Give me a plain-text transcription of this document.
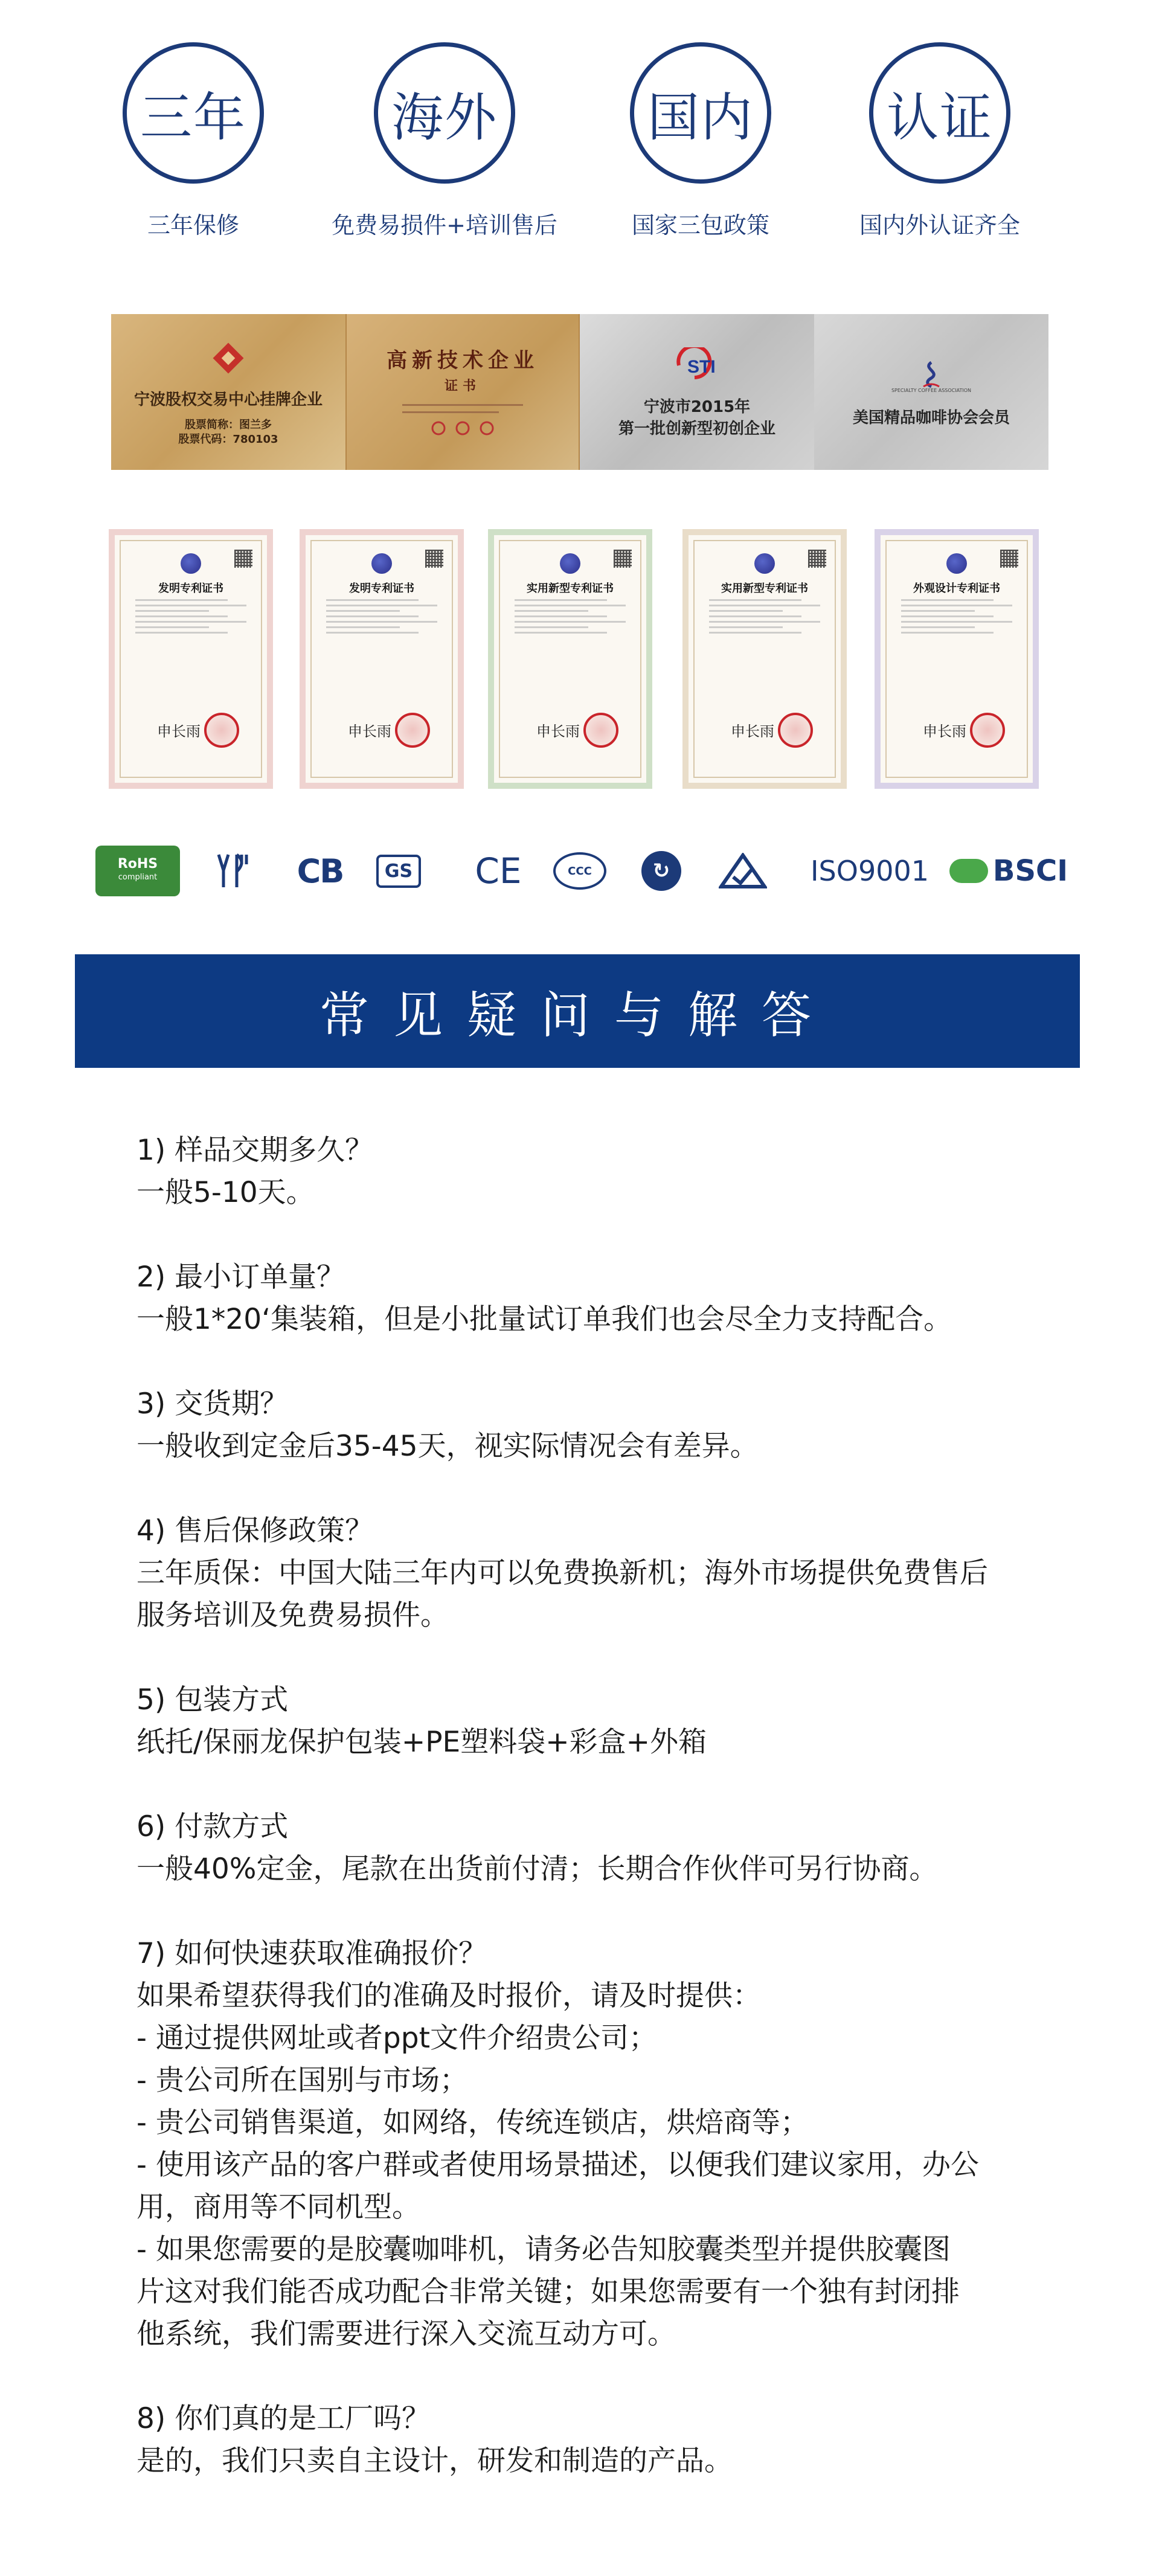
三年
三年保修
海外
免费易损件+培训售后
国内
国家三包政策
认证
国内外认证齐全
宁波股权交易中心挂牌企业
股票简称：图兰多
股票代码：780103
高新技术企业
证书
STI
宁波市2015年
第一批创新型初创企业
SPECIALTY COFFEE ASSOCIATION
美国精品咖啡协会会员
发明专利证书
申长雨
发明专利证书
申长雨
实用新型专利证书
申长雨
实用新型专利证书
申长雨
外观设计专利证书
申长雨
RoHS
compliant	CB	GS CE	CCC	↻	ISO9001 BSCI
常见疑问与解答
1) 样品交期多久？
一般5-10天。
2) 最小订单量？
一般1*20‘集装箱，但是小批量试订单我们也会尽全力支持配合。
3) 交货期？
一般收到定金后35-45天，视实际情况会有差异。
4) 售后保修政策？
三年质保：中国大陆三年内可以免费换新机；海外市场提供免费售后
服务培训及免费易损件。
5) 包装方式
纸托/保丽龙保护包装+PE塑料袋+彩盒+外箱
6) 付款方式
一般40%定金，尾款在出货前付清；长期合作伙伴可另行协商。
7) 如何快速获取准确报价？
如果希望获得我们的准确及时报价，请及时提供：
- 通过提供网址或者ppt文件介绍贵公司；
- 贵公司所在国别与市场；
- 贵公司销售渠道，如网络，传统连锁店，烘焙商等；
- 使用该产品的客户群或者使用场景描述，以便我们建议家用，办公
用，商用等不同机型。
- 如果您需要的是胶囊咖啡机，请务必告知胶囊类型并提供胶囊图
片这对我们能否成功配合非常关键；如果您需要有一个独有封闭排
他系统，我们需要进行深入交流互动方可。
8) 你们真的是工厂吗？
是的，我们只卖自主设计，研发和制造的产品。
